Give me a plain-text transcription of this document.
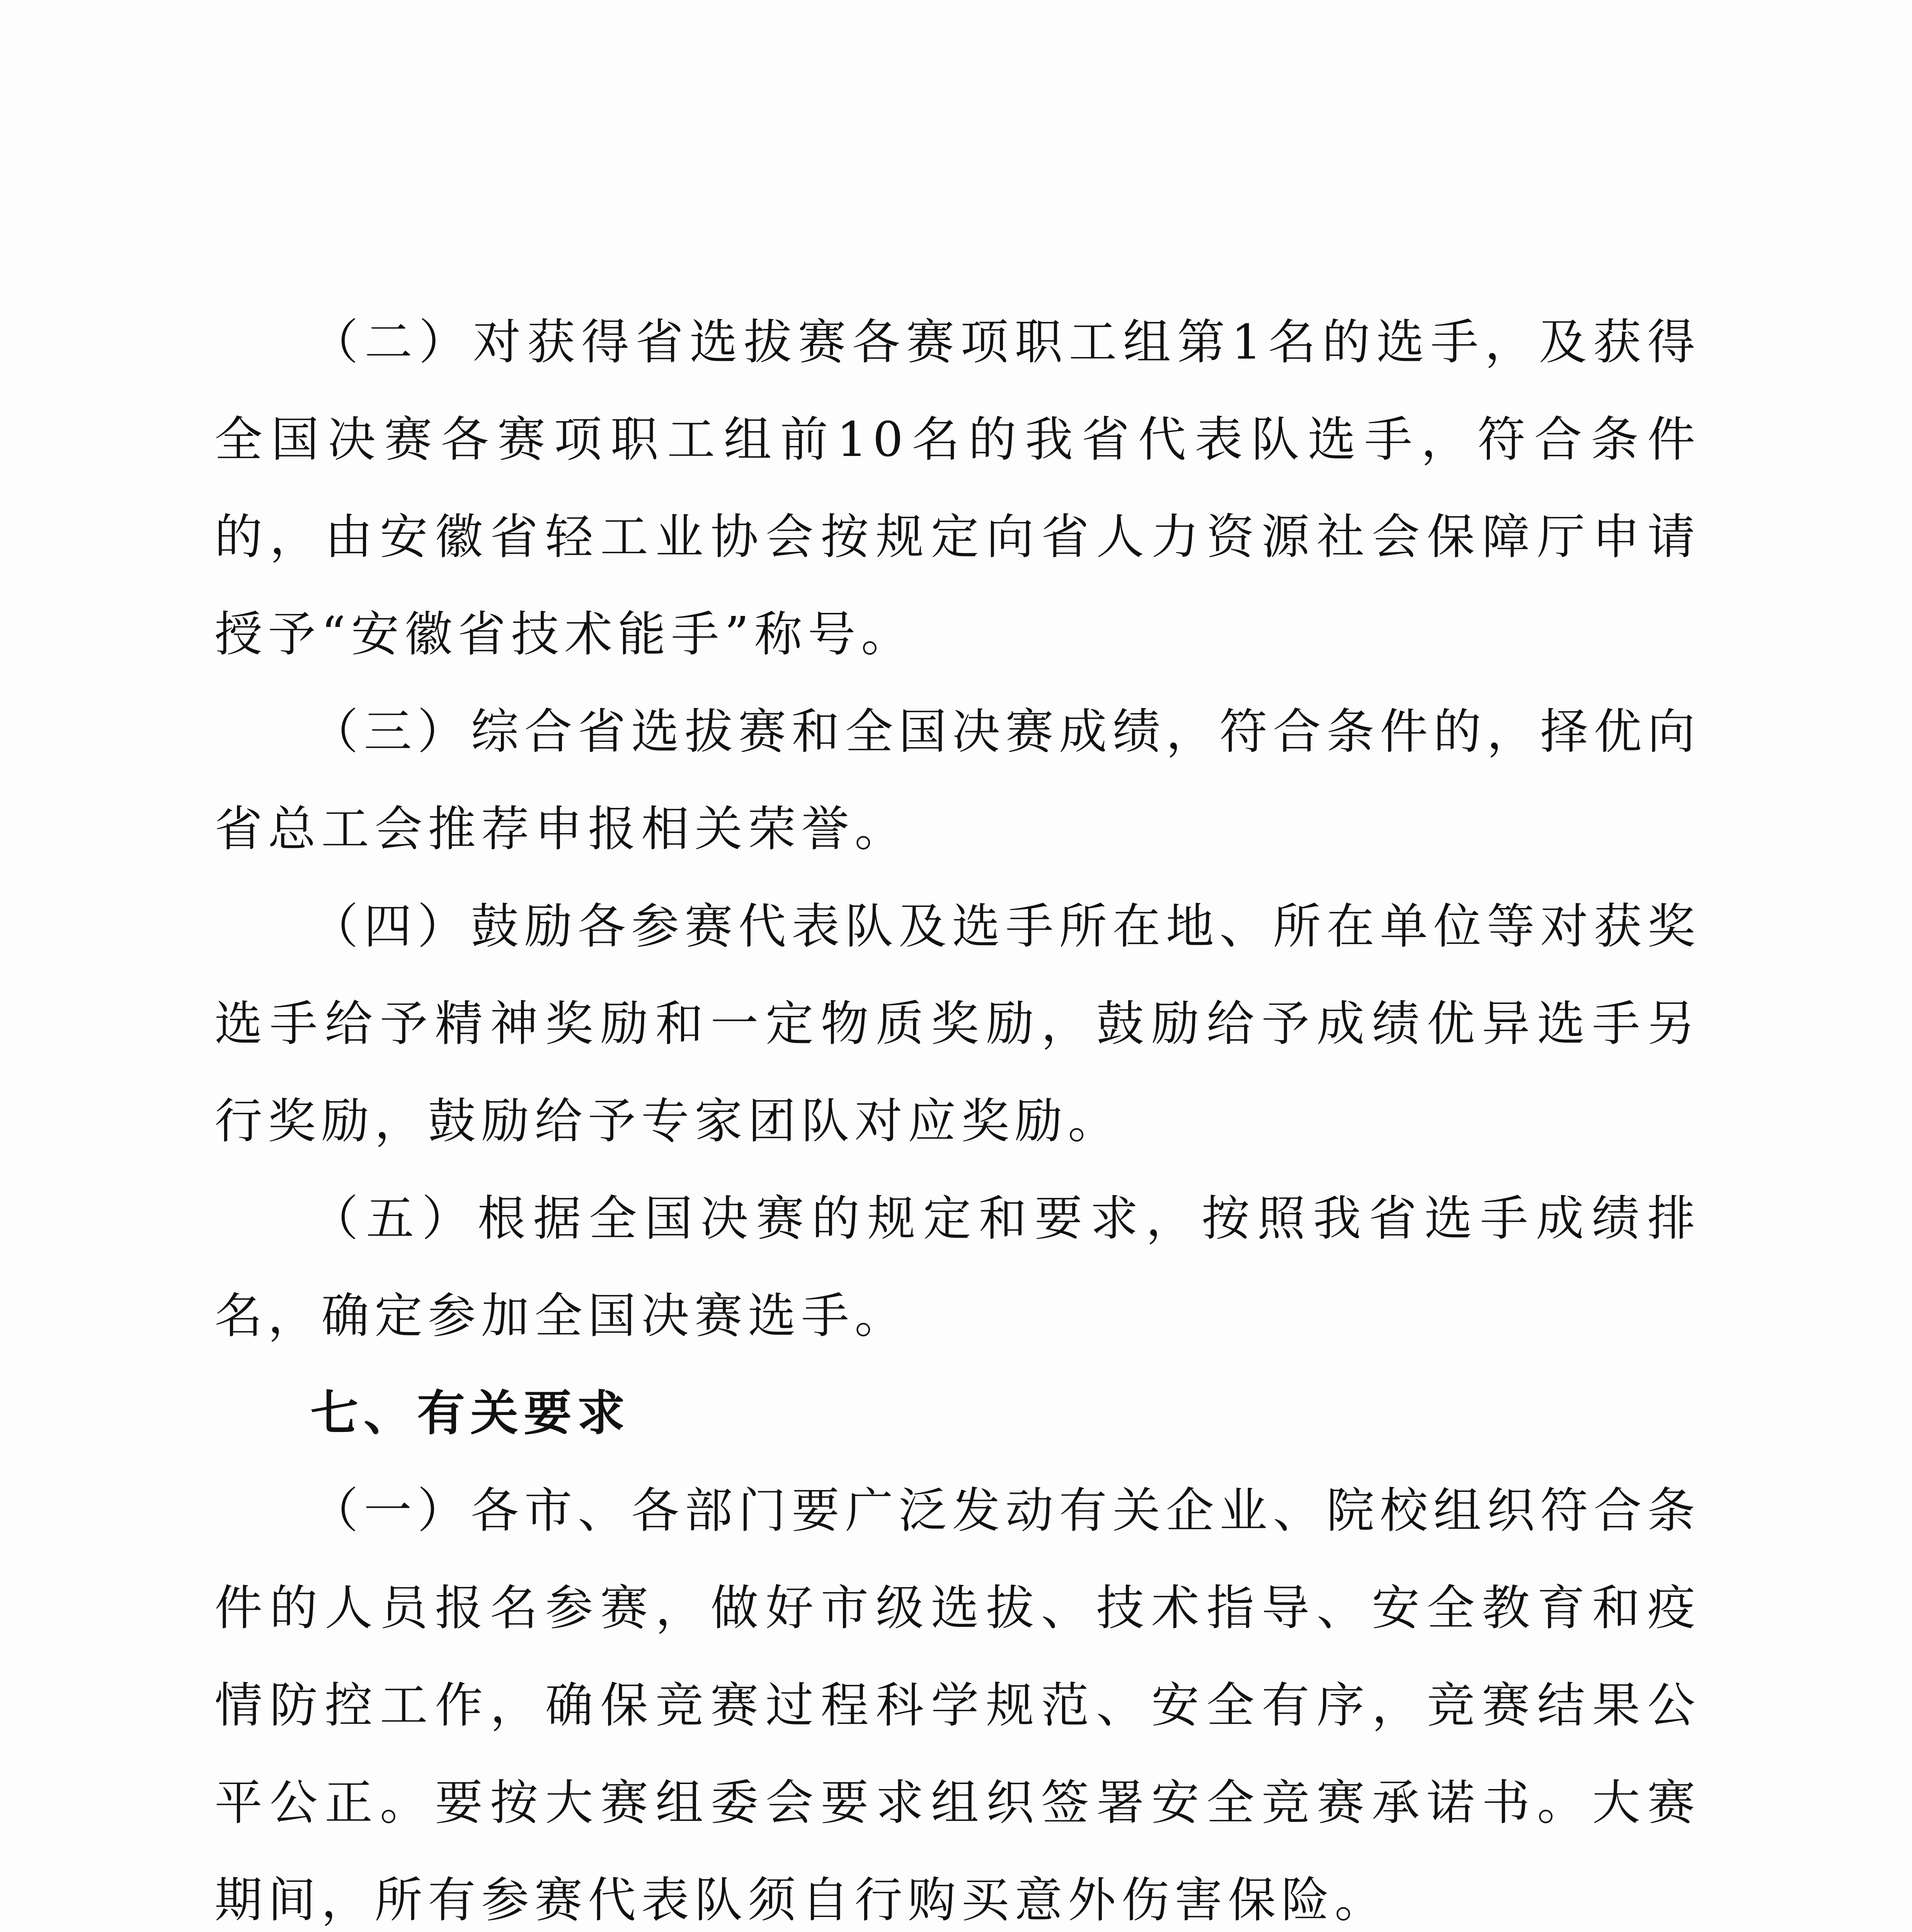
（二）对获得省选拔赛各赛项职工组第1名的选手，及获得全国决赛各赛项职工组前10名的我省代表队选手，符合条件的，由安徽省轻工业协会按规定向省人力资源社会保障厅申请授予“安徽省技术能手”称号。

（三）综合省选拔赛和全国决赛成绩，符合条件的，择优向省总工会推荐申报相关荣誉。

（四）鼓励各参赛代表队及选手所在地、所在单位等对获奖选手给予精神奖励和一定物质奖励，鼓励给予成绩优异选手另行奖励，鼓励给予专家团队对应奖励。

（五）根据全国决赛的规定和要求，按照我省选手成绩排名，确定参加全国决赛选手。

七、有关要求

（一）各市、各部门要广泛发动有关企业、院校组织符合条件的人员报名参赛，做好市级选拔、技术指导、安全教育和疫情防控工作，确保竞赛过程科学规范、安全有序，竞赛结果公平公正。要按大赛组委会要求组织签署安全竞赛承诺书。大赛期间，所有参赛代表队须自行购买意外伤害保险。
